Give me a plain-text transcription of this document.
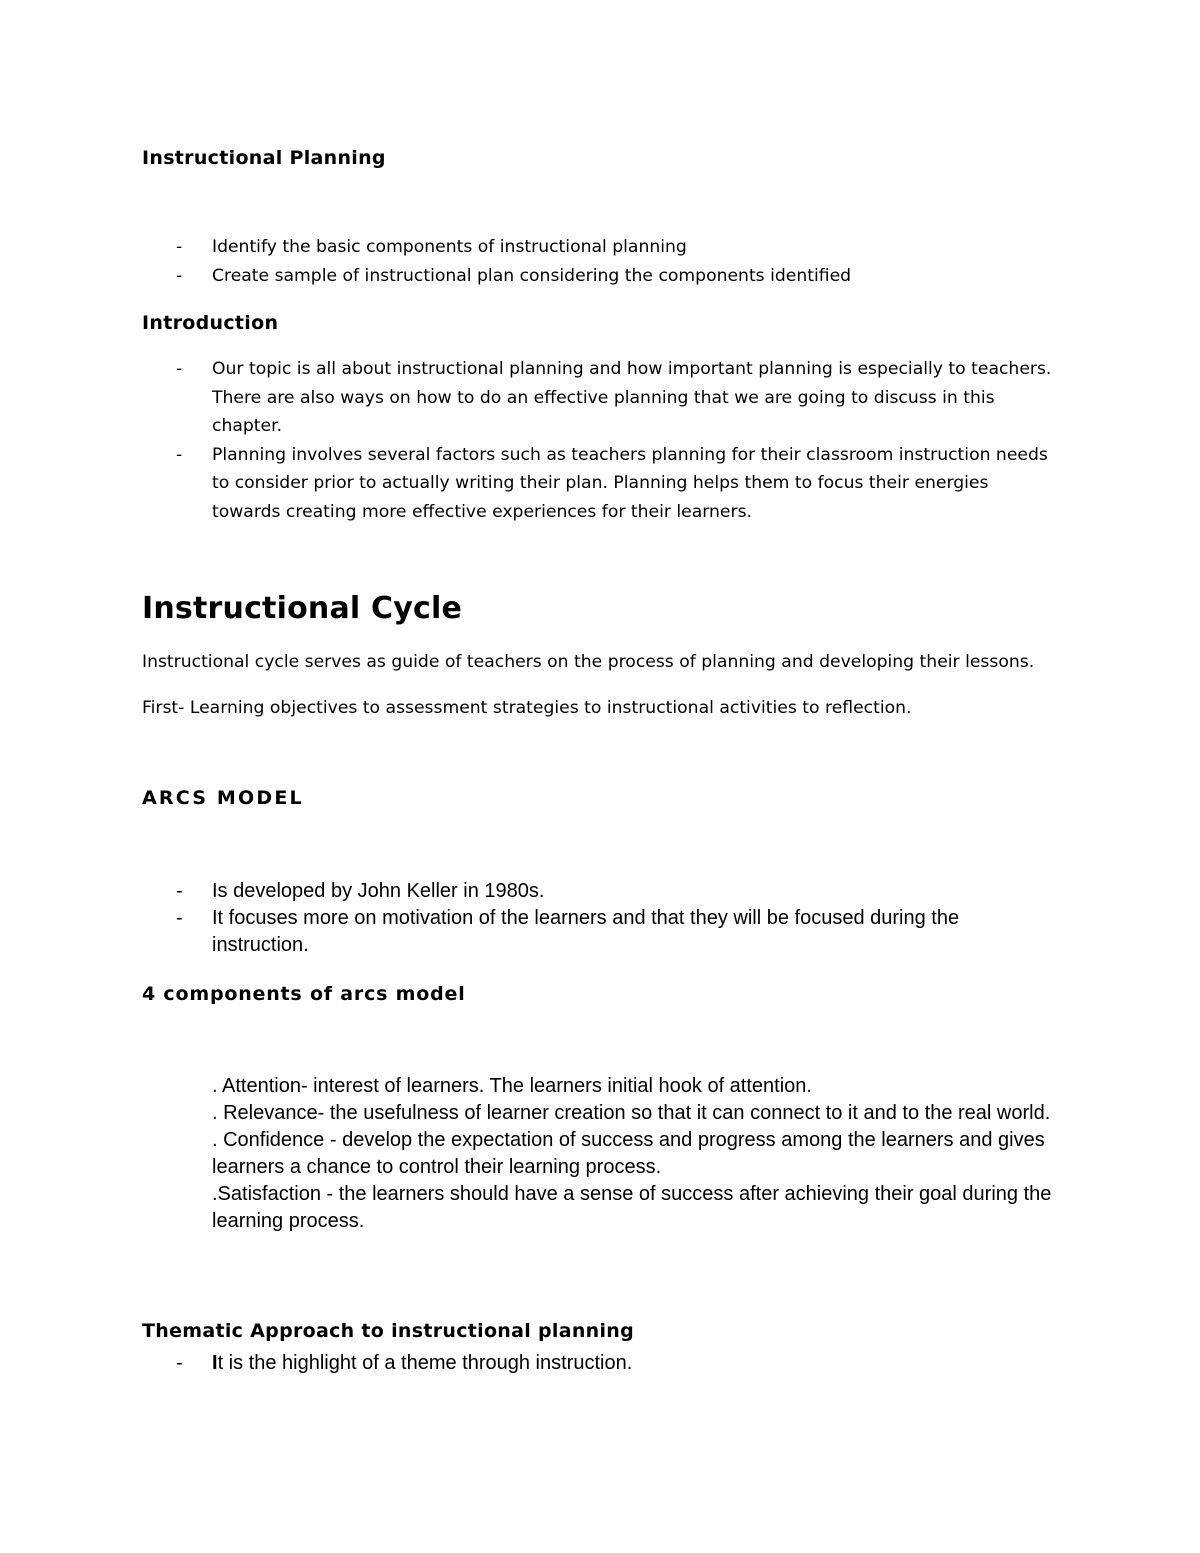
Instructional Planning
- Identify the basic components of instructional planning
- Create sample of instructional plan considering the components identified
Introduction
- Our topic is all about instructional planning and how important planning is especially to teachers. There are also ways on how to do an effective planning that we are going to discuss in this chapter.
- Planning involves several factors such as teachers planning for their classroom instruction needs to consider prior to actually writing their plan. Planning helps them to focus their energies towards creating more effective experiences for their learners.
Instructional Cycle

Instructional cycle serves as guide of teachers on the process of planning and developing their lessons.

First- Learning objectives to assessment strategies to instructional activities to reflection.

ARCS MODEL
- Is developed by John Keller in 1980s.
- It focuses more on motivation of the learners and that they will be focused during the instruction.
4 components of arcs model

. Attention- interest of learners. The learners initial hook of attention.

. Relevance- the usefulness of learner creation so that it can connect to it and to the real world.

. Confidence - develop the expectation of success and progress among the learners and gives learners a chance to control their learning process.

.Satisfaction - the learners should have a sense of success after achieving their goal during the learning process.

Thematic Approach to instructional planning
- It is the highlight of a theme through instruction.
